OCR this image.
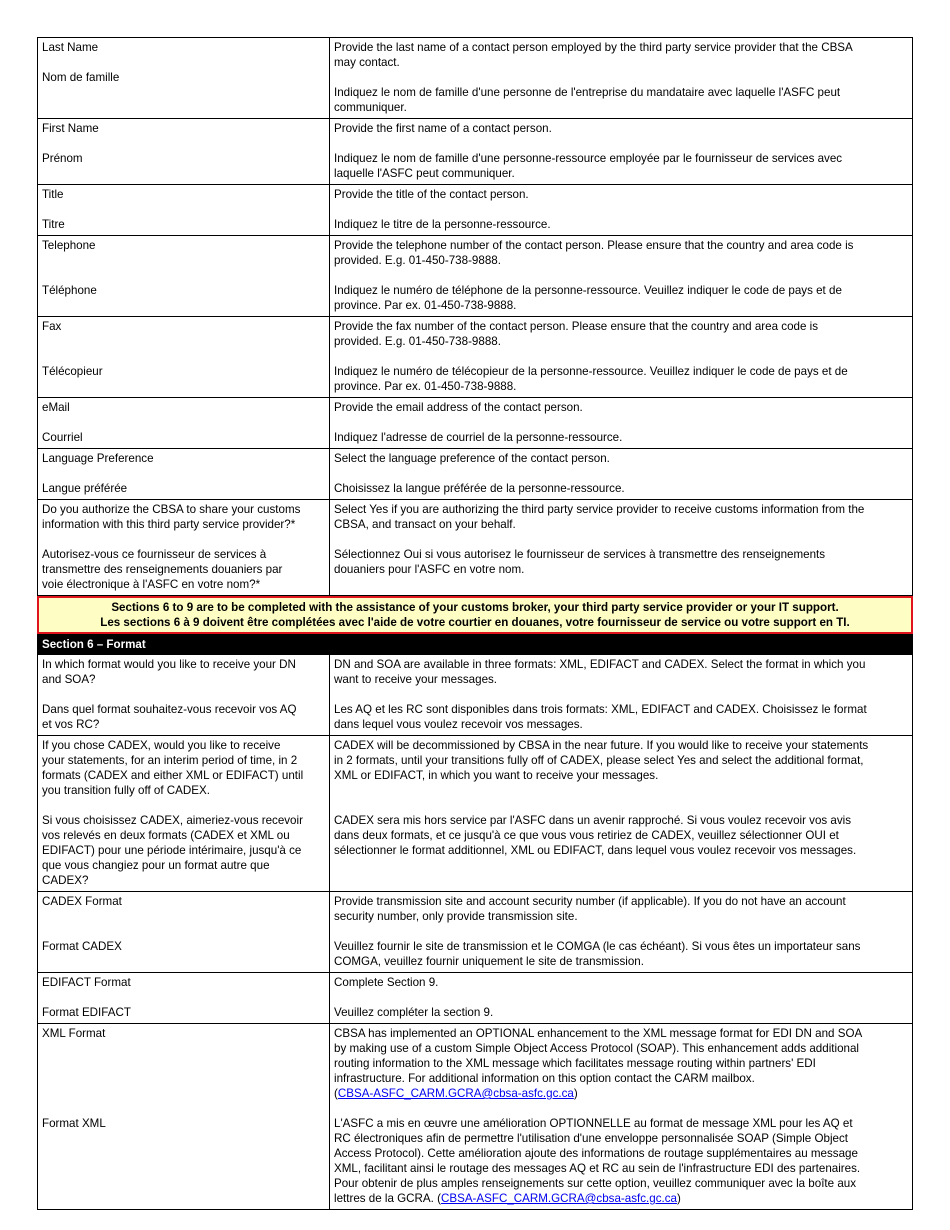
Last Name

Nom de famille

Provide the last name of a contact person employed by the third party service provider that the CBSA
may contact.

Indiquez le nom de famille d'une personne de l'entreprise du mandataire avec laquelle l'ASFC peut
communiquer.

First Name

Prénom

Provide the first name of a contact person.

Indiquez le nom de famille d'une personne-ressource employée par le fournisseur de services avec
laquelle l'ASFC peut communiquer.

Title

Titre

Provide the title of the contact person.

Indiquez le titre de la personne-ressource.

Telephone

Téléphone

Provide the telephone number of the contact person. Please ensure that the country and area code is
provided. E.g. 01-450-738-9888.

Indiquez le numéro de téléphone de la personne-ressource. Veuillez indiquer le code de pays et de
province. Par ex. 01-450-738-9888.

Fax

Télécopieur

Provide the fax number of the contact person. Please ensure that the country and area code is
provided. E.g. 01-450-738-9888.

Indiquez le numéro de télécopieur de la personne-ressource. Veuillez indiquer le code de pays et de
province. Par ex. 01-450-738-9888.

eMail

Courriel

Provide the email address of the contact person.

Indiquez l'adresse de courriel de la personne-ressource.

Language Preference

Langue préférée

Select the language preference of the contact person.

Choisissez la langue préférée de la personne-ressource.

Do you authorize the CBSA to share your customs
information with this third party service provider?*

Autorisez-vous ce fournisseur de services à
transmettre des renseignements douaniers par
voie électronique à l'ASFC en votre nom?*

Select Yes if you are authorizing the third party service provider to receive customs information from the
CBSA, and transact on your behalf.

Sélectionnez Oui si vous autorisez le fournisseur de services à transmettre des renseignements
douaniers pour l'ASFC en votre nom.

Sections 6 to 9 are to be completed with the assistance of your customs broker, your third party service provider or your IT support.
Les sections 6 à 9 doivent être complétées avec l'aide de votre courtier en douanes, votre fournisseur de service ou votre support en TI.
Section 6 – Format

In which format would you like to receive your DN
and SOA?

Dans quel format souhaitez-vous recevoir vos AQ
et vos RC?

DN and SOA are available in three formats: XML, EDIFACT and CADEX. Select the format in which you
want to receive your messages.

Les AQ et les RC sont disponibles dans trois formats: XML, EDIFACT and CADEX. Choisissez le format
dans lequel vous voulez recevoir vos messages.

If you chose CADEX, would you like to receive
your statements, for an interim period of time, in 2
formats (CADEX and either XML or EDIFACT) until
you transition fully off of CADEX.

Si vous choisissez CADEX, aimeriez-vous recevoir
vos relevés en deux formats (CADEX et XML ou
EDIFACT) pour une période intérimaire, jusqu'à ce
que vous changiez pour un format autre que
CADEX?

CADEX will be decommissioned by CBSA in the near future. If you would like to receive your statements
in 2 formats, until your transitions fully off of CADEX, please select Yes and select the additional format,
XML or EDIFACT, in which you want to receive your messages.

CADEX sera mis hors service par l'ASFC dans un avenir rapproché. Si vous voulez recevoir vos avis
dans deux formats, et ce jusqu'à ce que vous vous retiriez de CADEX, veuillez sélectionner OUI et
sélectionner le format additionnel, XML ou EDIFACT, dans lequel vous voulez recevoir vos messages.

CADEX Format

Format CADEX

Provide transmission site and account security number (if applicable). If you do not have an account
security number, only provide transmission site.

Veuillez fournir le site de transmission et le COMGA (le cas échéant). Si vous êtes un importateur sans
COMGA, veuillez fournir uniquement le site de transmission.

EDIFACT Format

Format EDIFACT

Complete Section 9.

Veuillez compléter la section 9.

XML Format

Format XML

CBSA has implemented an OPTIONAL enhancement to the XML message format for EDI DN and SOA
by making use of a custom Simple Object Access Protocol (SOAP). This enhancement adds additional
routing information to the XML message which facilitates message routing within partners' EDI
infrastructure. For additional information on this option contact the CARM mailbox.

(CBSA-ASFC_CARM.GCRA@cbsa-asfc.gc.ca)

L'ASFC a mis en œuvre une amélioration OPTIONNELLE au format de message XML pour les AQ et
RC électroniques afin de permettre l'utilisation d'une enveloppe personnalisée SOAP (Simple Object
Access Protocol). Cette amélioration ajoute des informations de routage supplémentaires au message
XML, facilitant ainsi le routage des messages AQ et RC au sein de l'infrastructure EDI des partenaires.
Pour obtenir de plus amples renseignements sur cette option, veuillez communiquer avec la boîte aux
lettres de la GCRA. (CBSA-ASFC_CARM.GCRA@cbsa-asfc.gc.ca)
